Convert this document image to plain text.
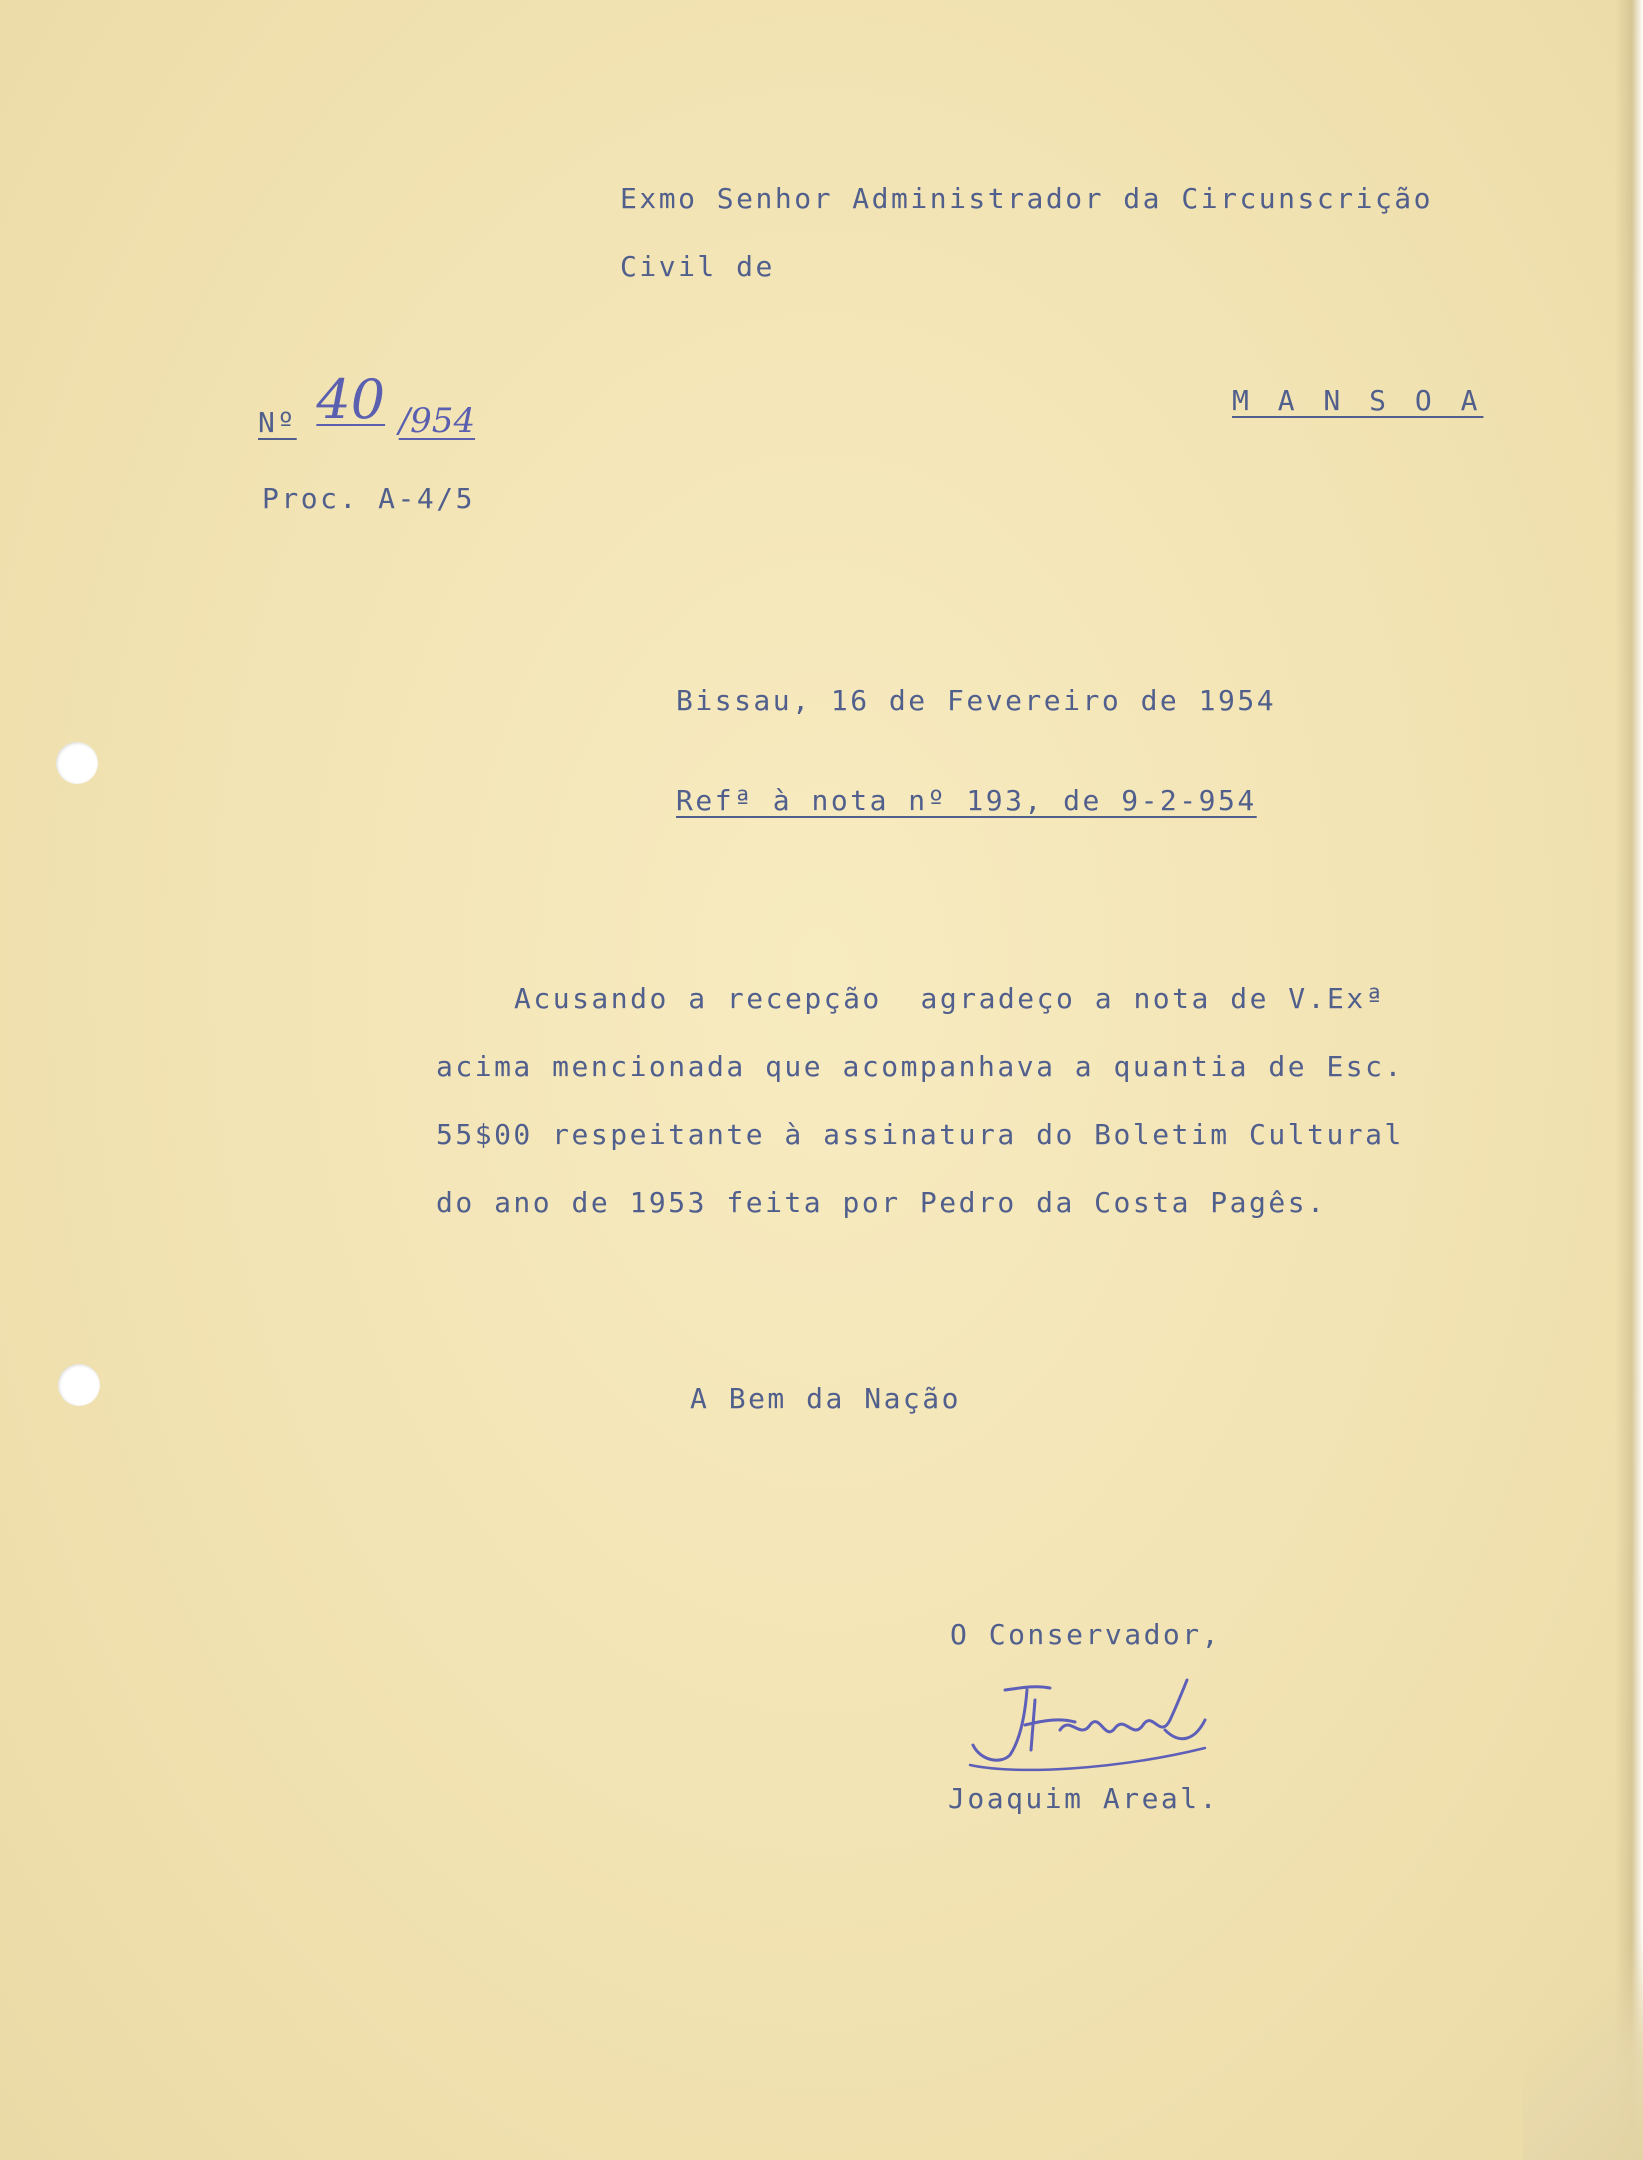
Exmo Senhor Administrador da Circunscrição
Civil de
M A N S O A
Nº 40 /954
Proc. A-4/5
Bissau, 16 de Fevereiro de 1954
Refª à nota nº 193, de 9-2-954
Acusando a recepção  agradeço a nota de V.Exª
acima mencionada que acompanhava a quantia de Esc.
55$00 respeitante à assinatura do Boletim Cultural
do ano de 1953 feita por Pedro da Costa Pagês.
A Bem da Nação
O Conservador,
Joaquim Areal.
